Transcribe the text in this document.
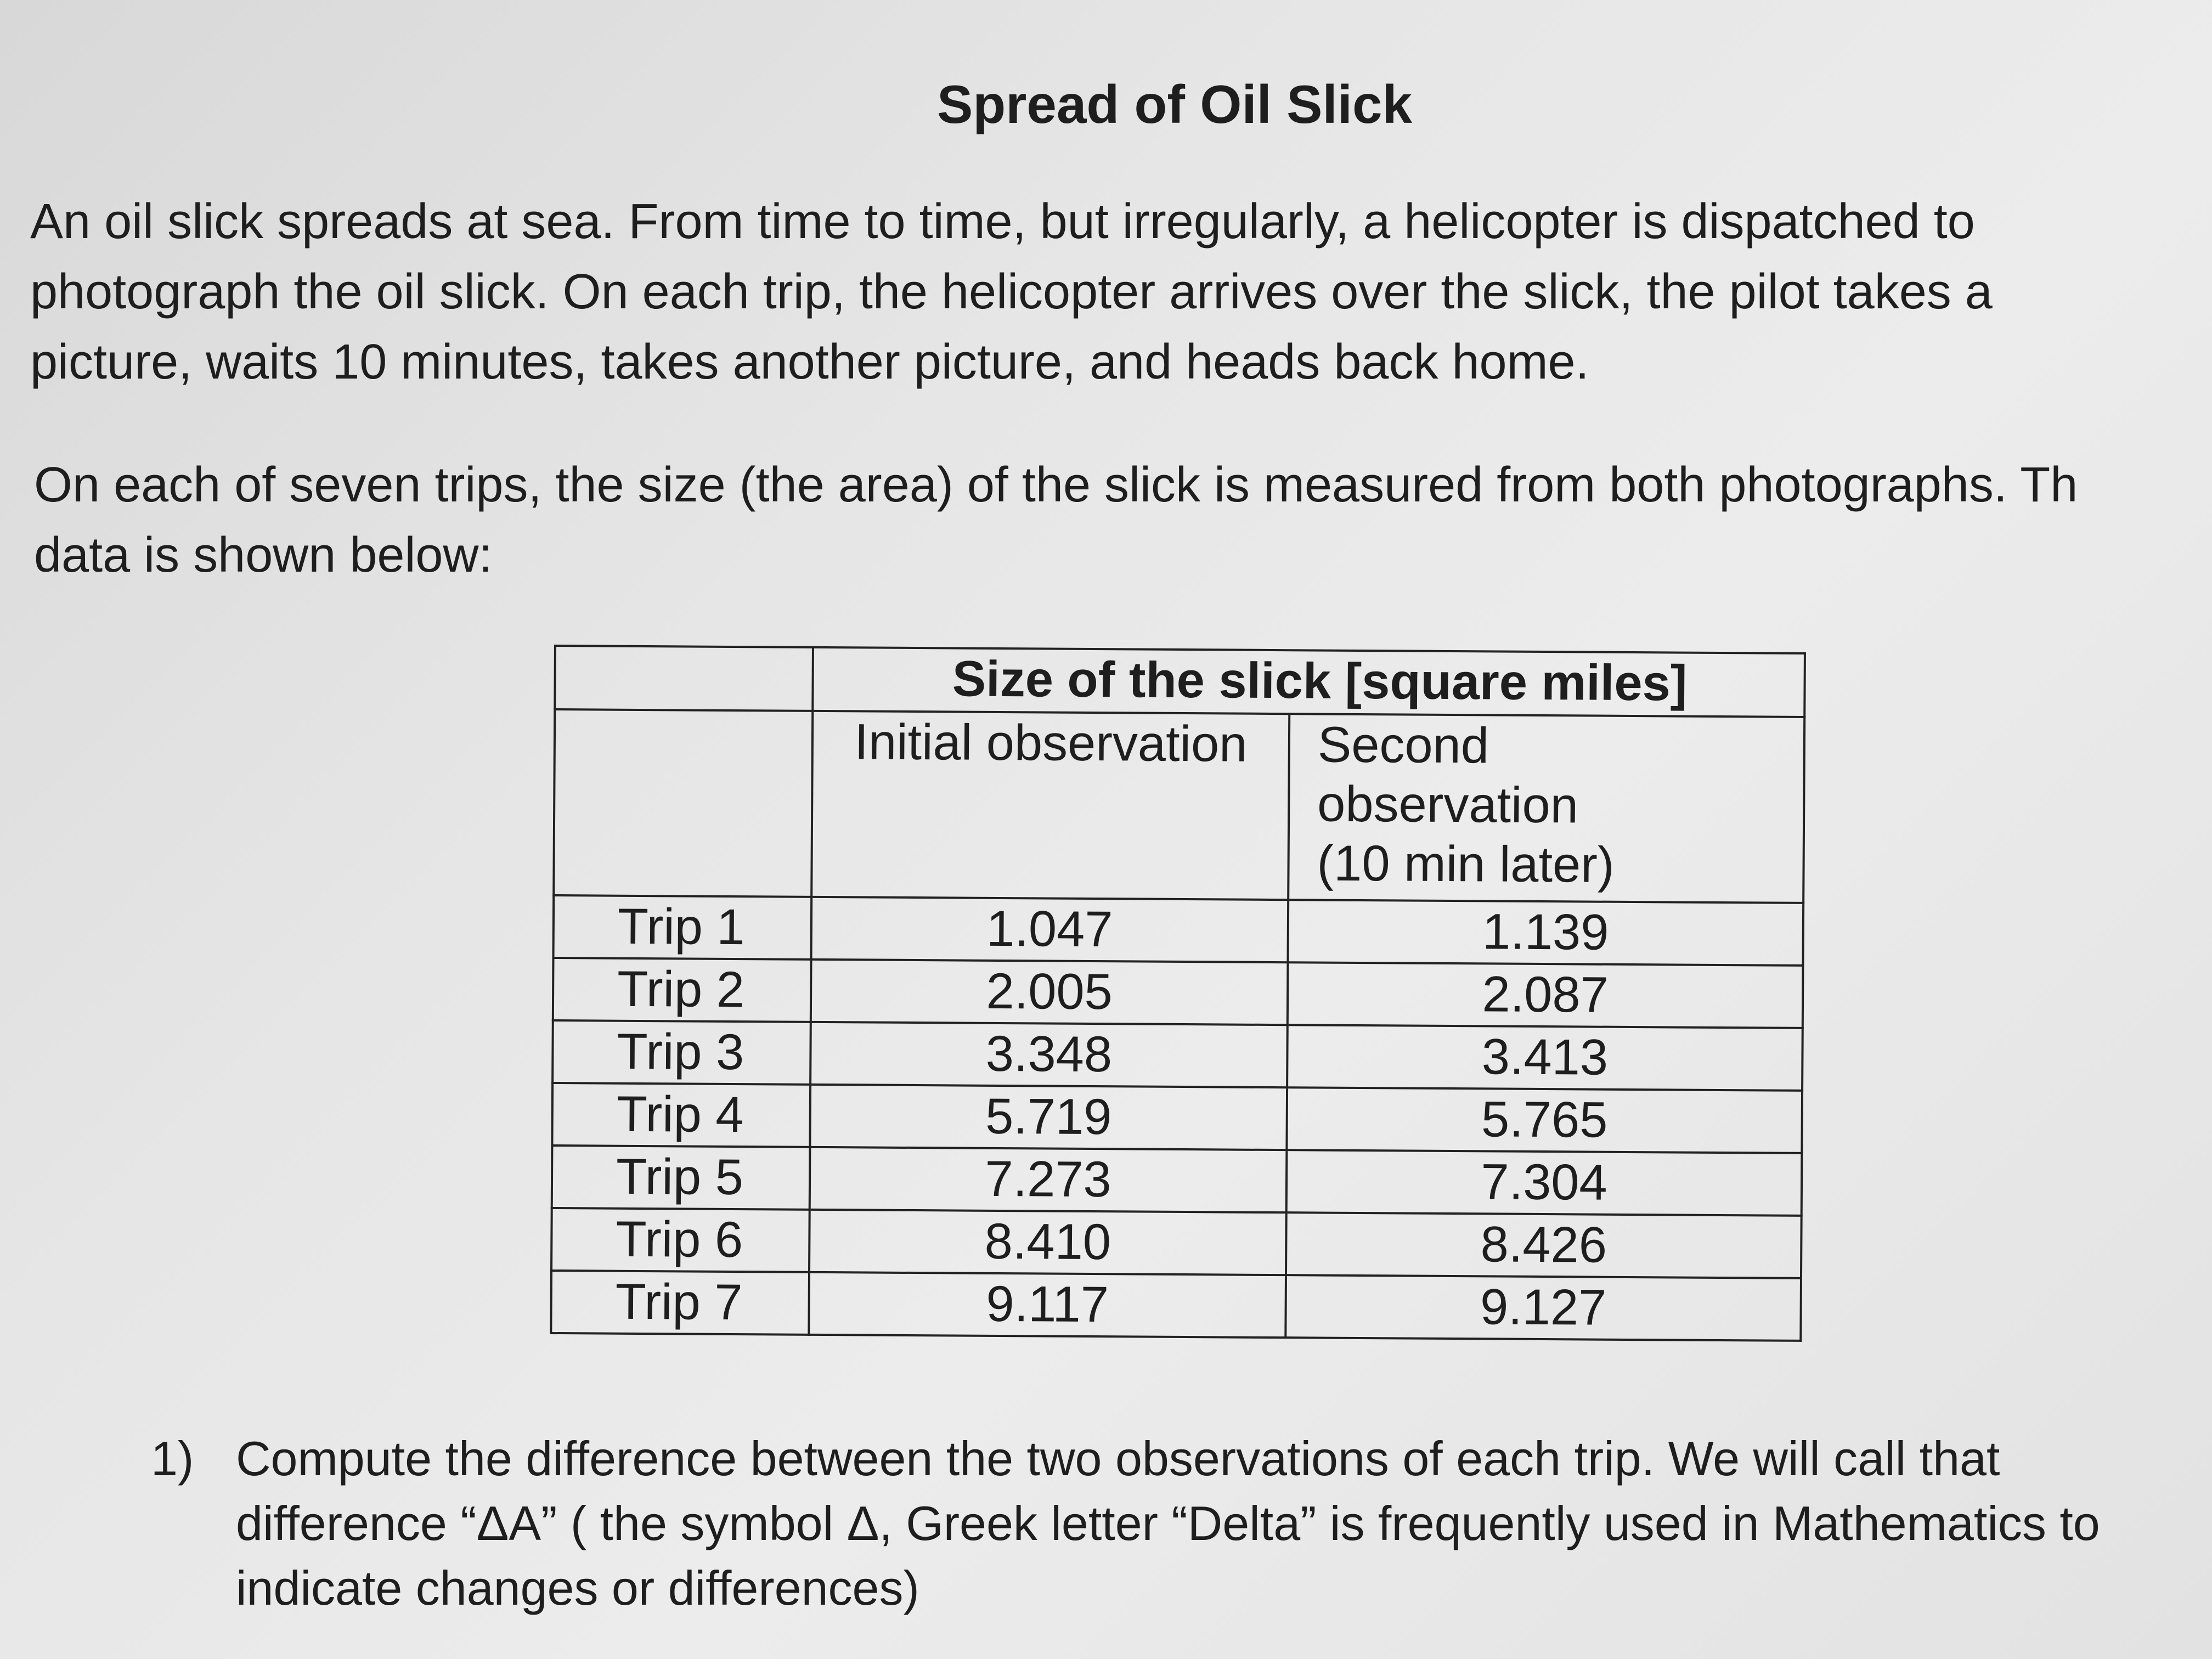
Spread of Oil Slick

An oil slick spreads at sea. From time to time, but irregularly, a helicopter is dispatched to
photograph the oil slick. On each trip, the helicopter arrives over the slick, the pilot takes a
picture, waits 10 minutes, takes another picture, and heads back home.

On each of seven trips, the size (the area) of the slick is measured from both photographs. Th
data is shown below:

	Size of the slick [square miles]	
	Initial observation	Second
observation
(10 min later)
Trip 1	1.047	1.139
Trip 2	2.005	2.087
Trip 3	3.348	3.413
Trip 4	5.719	5.765
Trip 5	7.273	7.304
Trip 6	8.410	8.426
Trip 7	9.117	9.127
1) Compute the difference between the two observations of each trip. We will call that
difference “ΔA” ( the symbol Δ, Greek letter “Delta” is frequently used in Mathematics to
indicate changes or differences)
